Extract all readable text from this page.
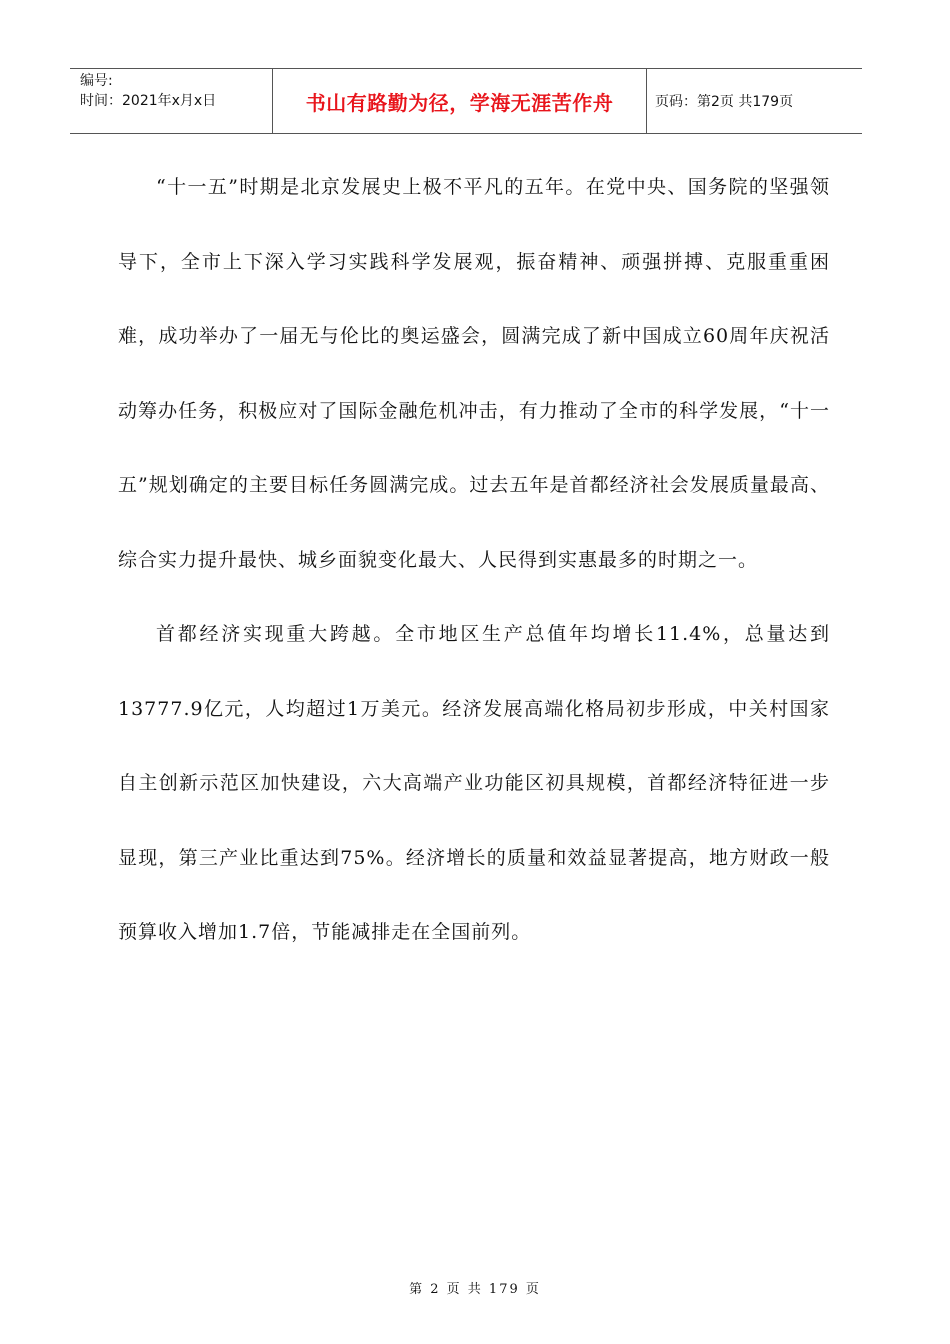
编号:
时间：2021年x月x日	书山有路勤为径，学海无涯苦作舟	页码：第2页 共179页

“十一五”时期是北京发展史上极不平凡的五年。在党中央、国务院的坚强领导下，全市上下深入学习实践科学发展观，振奋精神、顽强拼搏、克服重重困难，成功举办了一届无与伦比的奥运盛会，圆满完成了新中国成立60周年庆祝活动筹办任务，积极应对了国际金融危机冲击，有力推动了全市的科学发展，“十一五”规划确定的主要目标任务圆满完成。过去五年是首都经济社会发展质量最高、综合实力提升最快、城乡面貌变化最大、人民得到实惠最多的时期之一。

首都经济实现重大跨越。全市地区生产总值年均增长11.4%，总量达到13777.9亿元，人均超过1万美元。经济发展高端化格局初步形成，中关村国家自主创新示范区加快建设，六大高端产业功能区初具规模，首都经济特征进一步显现，第三产业比重达到75%。经济增长的质量和效益显著提高，地方财政一般预算收入增加1.7倍，节能减排走在全国前列。

第 2 页 共 179 页
